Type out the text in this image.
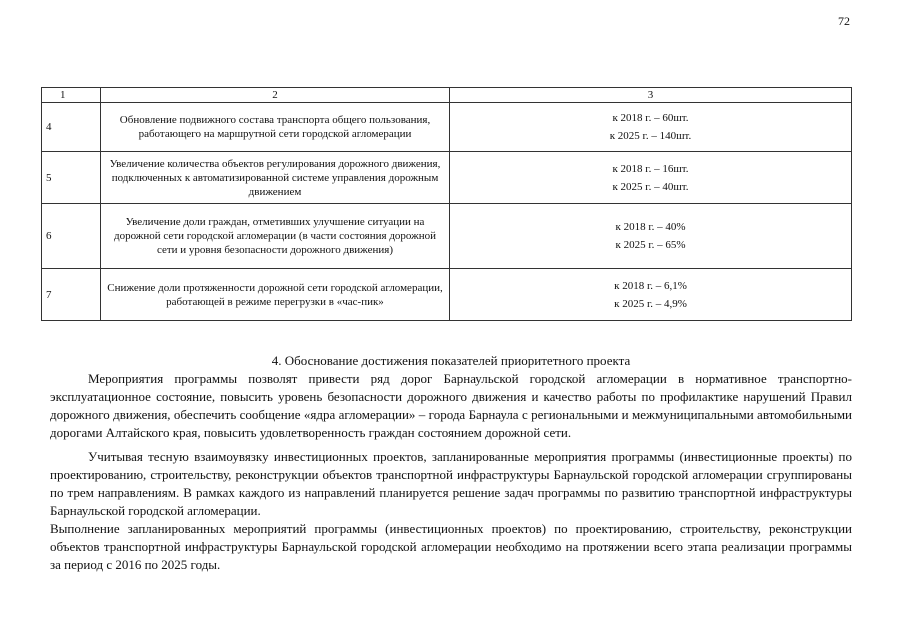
72
1	2	3
4	Обновление подвижного состава транспорта общего пользования, работающего на маршрутной сети городской агломерации	к 2018 г. – 60шт.
к 2025 г. – 140шт.

5	Увеличение количества объектов регулирования дорожного движения, подключенных к автоматизированной системе управления дорожным движением	к 2018 г. – 16шт.
к 2025 г. – 40шт.

6	Увеличение доли граждан, отметивших улучшение ситуации на дорожной сети городской агломерации (в части состояния дорожной сети и уровня безопасности дорожного движения)	к 2018 г. – 40%
к 2025 г. – 65%

7	Снижение доли протяженности дорожной сети городской агломерации, работающей в режиме перегрузки в «час-пик»	к 2018 г. – 6,1%
к 2025 г. – 4,9%

4. Обоснование достижения показателей приоритетного проекта

Мероприятия программы позволят привести ряд дорог Барнаульской городской агломерации в нормативное транспортно-эксплуатационное состояние, повысить уровень безопасности дорожного движения и качество работы по профилактике нарушений Правил дорожного движения, обеспечить сообщение «ядра агломерации» – города Барнаула с региональными и межмуниципальными автомобильными дорогами Алтайского края, повысить удовлетворенность граждан состоянием дорожной сети.

Учитывая тесную взаимоувязку инвестиционных проектов, запланированные мероприятия программы (инвестиционные проекты) по проектированию, строительству, реконструкции объектов транспортной инфраструктуры Барнаульской городской агломерации сгруппированы по трем направлениям. В рамках каждого из направлений планируется решение задач программы по развитию транспортной инфраструктуры Барнаульской городской агломерации.

Выполнение запланированных мероприятий программы (инвестиционных проектов) по проектированию, строительству, реконструкции объектов транспортной инфраструктуры Барнаульской городской агломерации необходимо на протяжении всего этапа реализации программы за период с 2016 по 2025 годы.
